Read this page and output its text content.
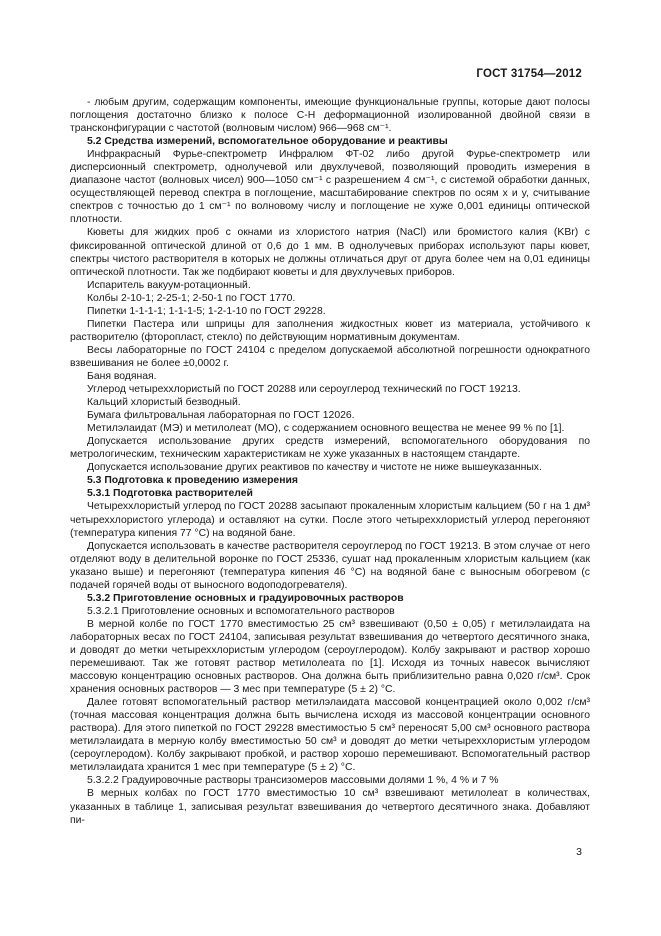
ГОСТ 31754—2012

- любым другим, содержащим компоненты, имеющие функциональные группы, которые дают полосы поглощения достаточно близко к полосе С-Н деформационной изолированной двойной связи в трансконфигурации с частотой (волновым числом) 966—968 см⁻¹.

5.2 Средства измерений, вспомогательное оборудование и реактивы

Инфракрасный Фурье-спектрометр Инфралюм ФТ-02 либо другой Фурье-спектрометр или дисперсионный спектрометр, однолучевой или двухлучевой, позволяющий проводить измерения в диапазоне частот (волновых чисел) 900—1050 см⁻¹ с разрешением 4 см⁻¹, с системой обработки данных, осуществляющей перевод спектра в поглощение, масштабирование спектров по осям x и y, считывание спектров с точностью до 1 см⁻¹ по волновому числу и поглощение не хуже 0,001 единицы оптической плотности.

Кюветы для жидких проб с окнами из хлористого натрия (NaCl) или бромистого калия (KBr) с фиксированной оптической длиной от 0,6 до 1 мм. В однолучевых приборах используют пары кювет, спектры чистого растворителя в которых не должны отличаться друг от друга более чем на 0,01 единицы оптической плотности. Так же подбирают кюветы и для двухлучевых приборов.

Испаритель вакуум-ротационный.

Колбы 2-10-1; 2-25-1; 2-50-1 по ГОСТ 1770.

Пипетки 1-1-1-1; 1-1-1-5; 1-2-1-10 по ГОСТ 29228.

Пипетки Пастера или шприцы для заполнения жидкостных кювет из материала, устойчивого к растворителю (фторопласт, стекло) по действующим нормативным документам.

Весы лабораторные по ГОСТ 24104 с пределом допускаемой абсолютной погрешности однократного взвешивания не более ±0,0002 г.

Баня водяная.

Углерод четыреххлористый по ГОСТ 20288 или сероуглерод технический по ГОСТ 19213.

Кальций хлористый безводный.

Бумага фильтровальная лабораторная по ГОСТ 12026.

Метилэлаидат (МЭ) и метилолеат (МО), с содержанием основного вещества не менее 99 % по [1].

Допускается использование других средств измерений, вспомогательного оборудования по метрологическим, техническим характеристикам не хуже указанных в настоящем стандарте.

Допускается использование других реактивов по качеству и чистоте не ниже вышеуказанных.

5.3 Подготовка к проведению измерения

5.3.1 Подготовка растворителей

Четыреххлористый углерод по ГОСТ 20288 засыпают прокаленным хлористым кальцием (50 г на 1 дм³ четыреххлористого углерода) и оставляют на сутки. После этого четыреххлористый углерод перегоняют (температура кипения 77 °С) на водяной бане.

Допускается использовать в качестве растворителя сероуглерод по ГОСТ 19213. В этом случае от него отделяют воду в делительной воронке по ГОСТ 25336, сушат над прокаленным хлористым кальцием (как указано выше) и перегоняют (температура кипения 46 °С) на водяной бане с выносным обогревом (с подачей горячей воды от выносного водоподогревателя).

5.3.2 Приготовление основных и градуировочных растворов

5.3.2.1 Приготовление основных и вспомогательного растворов

В мерной колбе по ГОСТ 1770 вместимостью 25 см³ взвешивают (0,50 ± 0,05) г метилэлаидата на лабораторных весах по ГОСТ 24104, записывая результат взвешивания до четвертого десятичного знака, и доводят до метки четыреххлористым углеродом (сероуглеродом). Колбу закрывают и раствор хорошо перемешивают. Так же готовят раствор метилолеата по [1]. Исходя из точных навесок вычисляют массовую концентрацию основных растворов. Она должна быть приблизительно равна 0,020 г/см³. Срок хранения основных растворов — 3 мес при температуре (5 ± 2) °С.

Далее готовят вспомогательный раствор метилэлаидата массовой концентрацией около 0,002 г/см³ (точная массовая концентрация должна быть вычислена исходя из массовой концентрации основного раствора). Для этого пипеткой по ГОСТ 29228 вместимостью 5 см³ переносят 5,00 см³ основного раствора метилэлаидата в мерную колбу вместимостью 50 см³ и доводят до метки четыреххлористым углеродом (сероуглеродом). Колбу закрывают пробкой, и раствор хорошо перемешивают. Вспомогательный раствор метилэлаидата хранится 1 мес при температуре (5 ± 2) °С.

5.3.2.2 Градуировочные растворы трансизомеров массовыми долями 1 %, 4 % и 7 %

В мерных колбах по ГОСТ 1770 вместимостью 10 см³ взвешивают метилолеат в количествах, указанных в таблице 1, записывая результат взвешивания до четвертого десятичного знака. Добавляют пи-

3
